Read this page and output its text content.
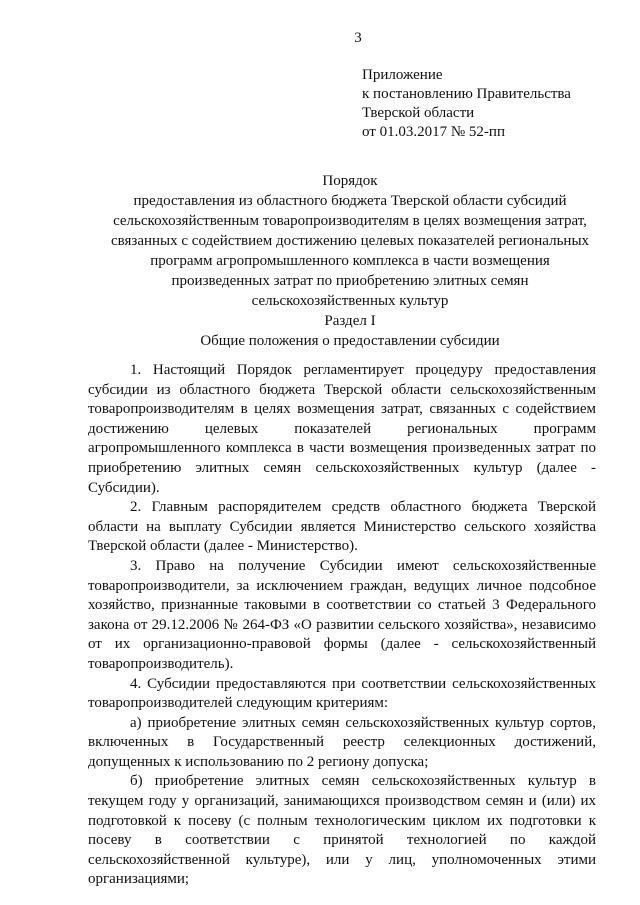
3
Приложение
к постановлению Правительства
Тверской области
от 01.03.2017 № 52-пп
Порядок
предоставления из областного бюджета Тверской области субсидий
сельскохозяйственным товаропроизводителям в целях возмещения затрат,
связанных с содействием достижению целевых показателей региональных
программ агропромышленного комплекса в части возмещения
произведенных затрат по приобретению элитных семян
сельскохозяйственных культур
Раздел I
Общие положения о предоставлении субсидии

1. Настоящий Порядок регламентирует процедуру предоставления субсидии из областного бюджета Тверской области сельскохозяйственным товаропроизводителям в целях возмещения затрат, связанных с содействием достижению целевых показателей региональных программ агропромышленного комплекса в части возмещения произведенных затрат по приобретению элитных семян сельскохозяйственных культур (далее - Субсидии).

2. Главным распорядителем средств областного бюджета Тверской области на выплату Субсидии является Министерство сельского хозяйства Тверской области (далее - Министерство).

3. Право на получение Субсидии имеют сельскохозяйственные товаропроизводители, за исключением граждан, ведущих личное подсобное хозяйство, признанные таковыми в соответствии со статьей 3 Федерального закона от 29.12.2006 № 264-ФЗ «О развитии сельского хозяйства», независимо от их организационно-правовой формы (далее - сельскохозяйственный товаропроизводитель).

4. Субсидии предоставляются при соответствии сельскохозяйственных товаропроизводителей следующим критериям:

а) приобретение элитных семян сельскохозяйственных культур сортов, включенных в Государственный реестр селекционных достижений, допущенных к использованию по 2 региону допуска;

б) приобретение элитных семян сельскохозяйственных культур в текущем году у организаций, занимающихся производством семян и (или) их подготовкой к посеву (с полным технологическим циклом их подготовки к посеву в соответствии с принятой технологией по каждой сельскохозяйственной культуре), или у лиц, уполномоченных этими организациями;
